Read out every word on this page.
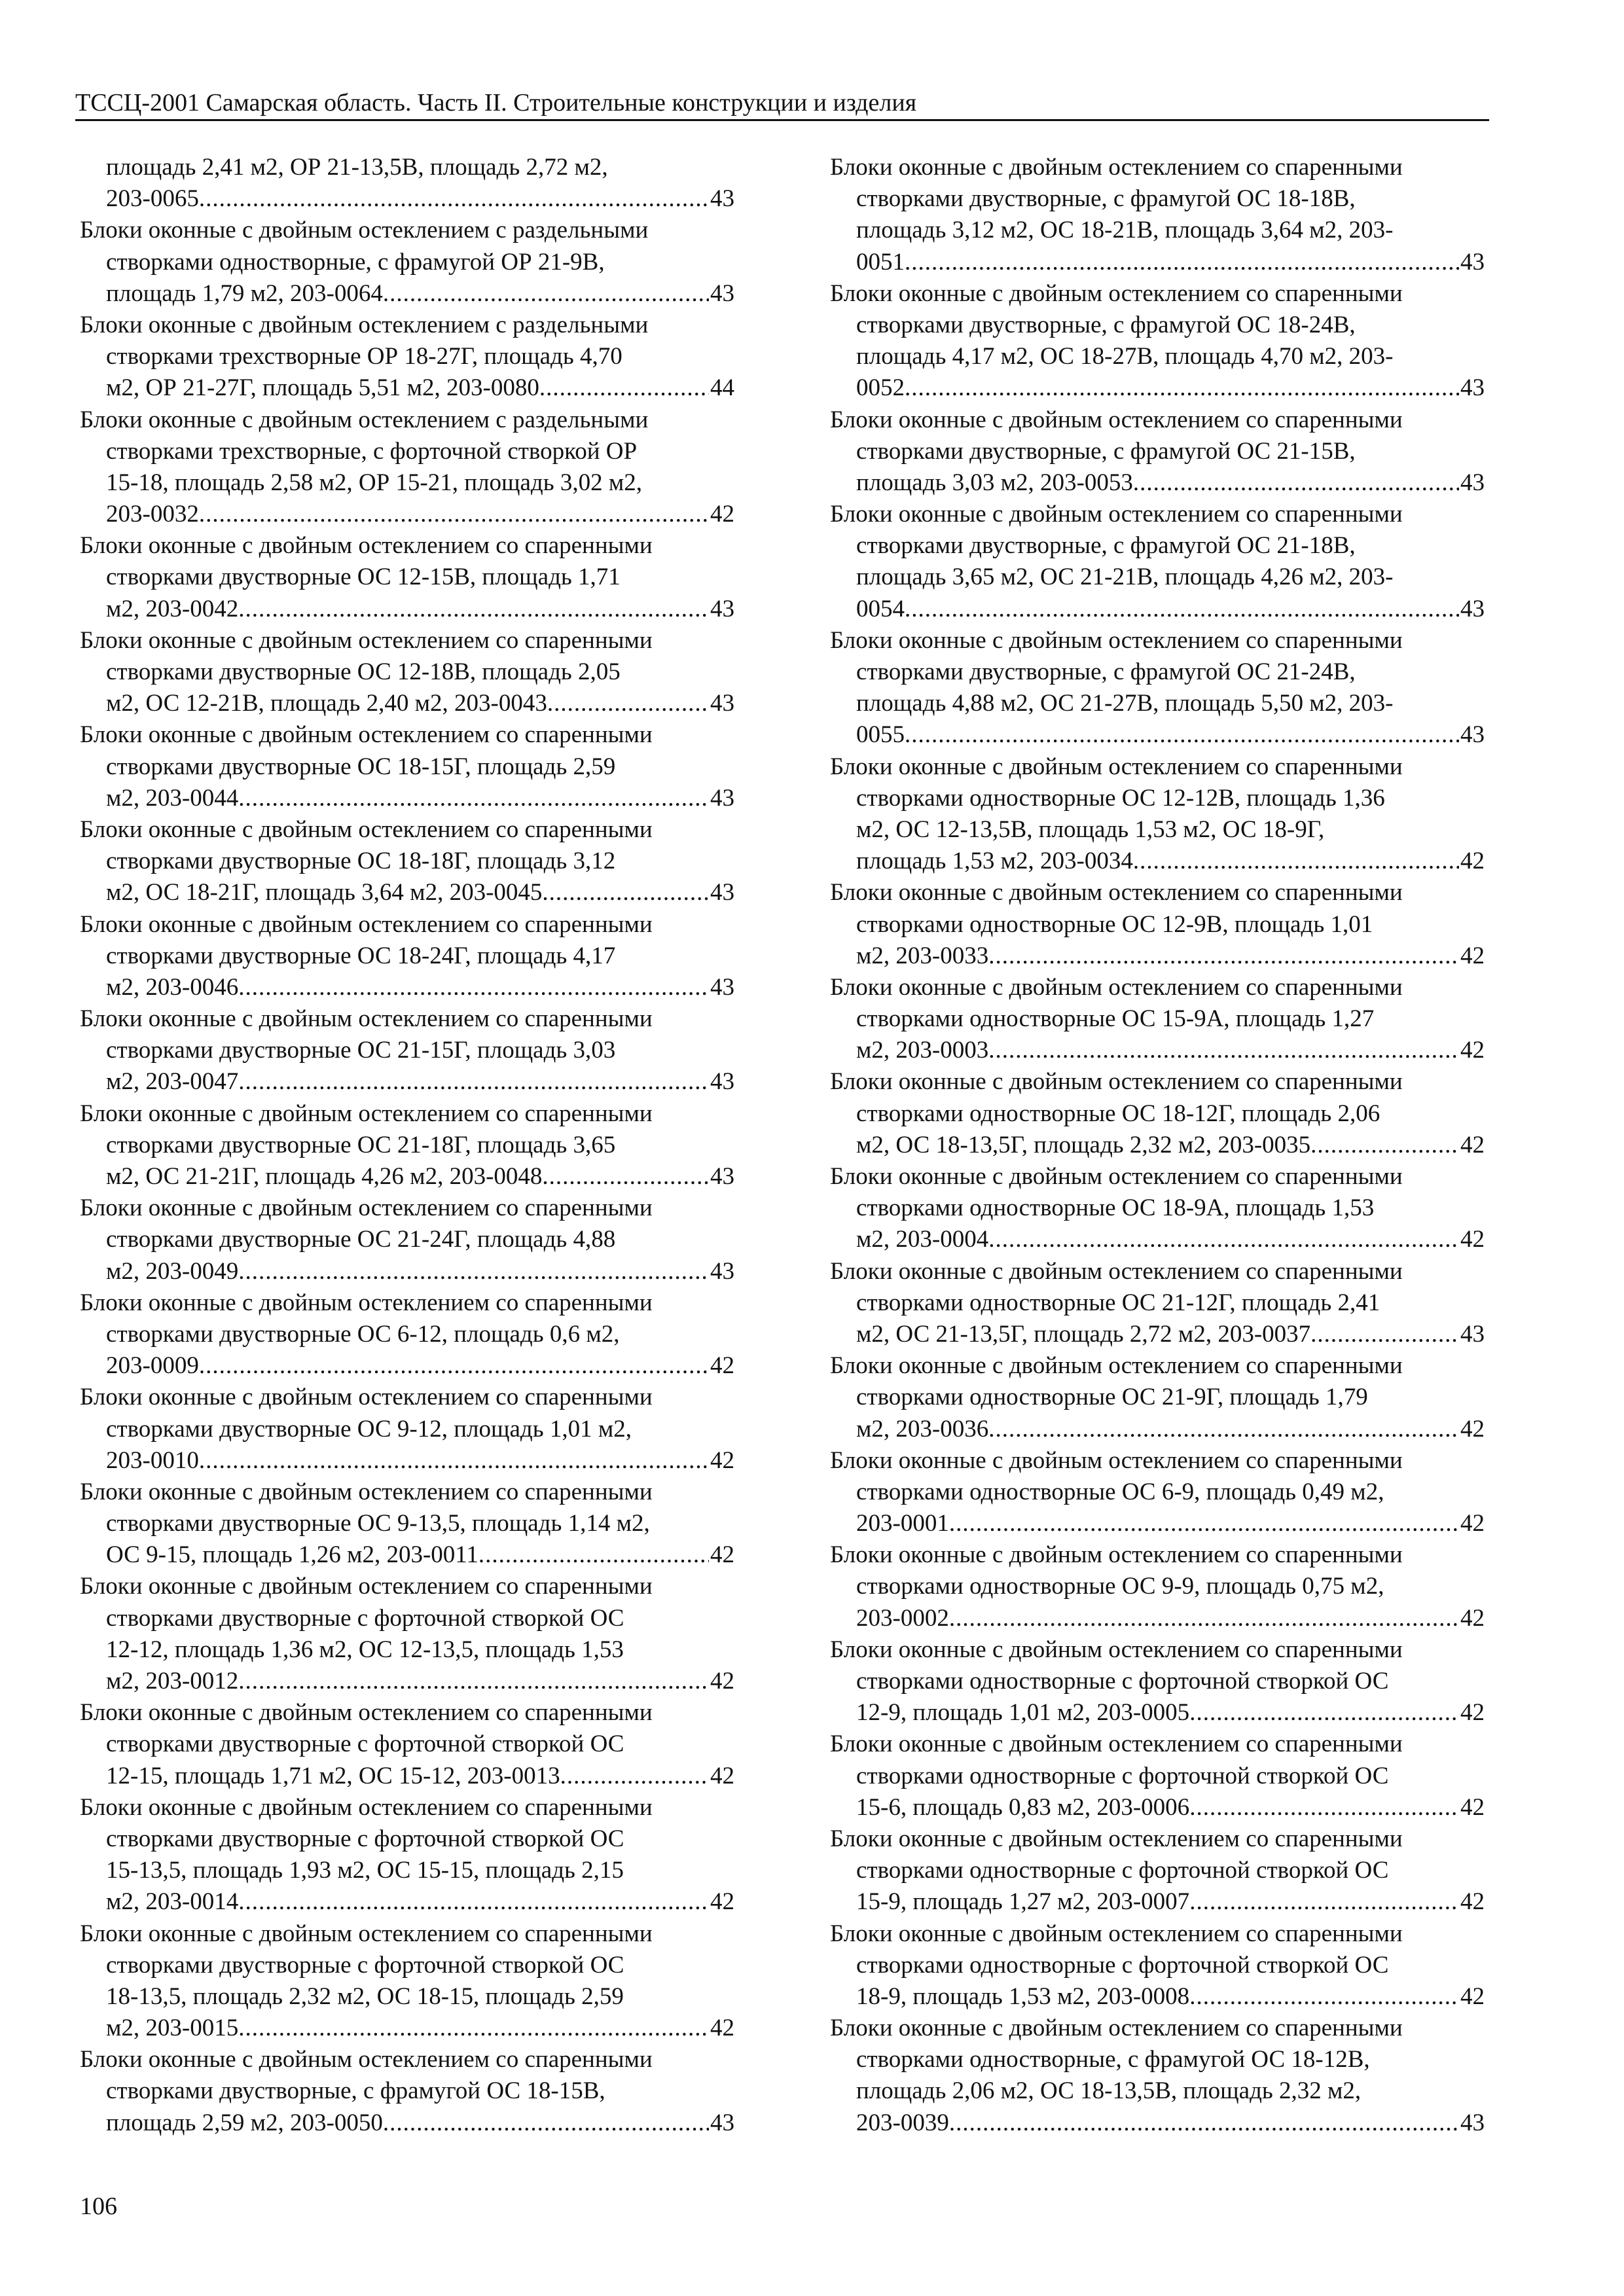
ТССЦ-2001 Самарская область. Часть II. Строительные конструкции и изделия
площадь 2,41 м2, ОР 21-13,5В, площадь 2,72 м2,
203-0065 .....	43
Блоки оконные с двойным остеклением с раздельными
створками одностворные, с фрамугой ОР 21-9В,
площадь 1,79 м2, 203-0064 .....	43
Блоки оконные с двойным остеклением с раздельными
створками трехстворные ОР 18-27Г, площадь 4,70
м2, ОР 21-27Г, площадь 5,51 м2, 203-0080 .....	44
Блоки оконные с двойным остеклением с раздельными
створками трехстворные, с форточной створкой ОР
15-18, площадь 2,58 м2, ОР 15-21, площадь 3,02 м2,
203-0032 .....	42
Блоки оконные с двойным остеклением со спаренными
створками двустворные ОС 12-15В, площадь 1,71
м2, 203-0042 .....	43
Блоки оконные с двойным остеклением со спаренными
створками двустворные ОС 12-18В, площадь 2,05
м2, ОС 12-21В, площадь 2,40 м2, 203-0043 .....	43
Блоки оконные с двойным остеклением со спаренными
створками двустворные ОС 18-15Г, площадь 2,59
м2, 203-0044 .....	43
Блоки оконные с двойным остеклением со спаренными
створками двустворные ОС 18-18Г, площадь 3,12
м2, ОС 18-21Г, площадь 3,64 м2, 203-0045 .....	43
Блоки оконные с двойным остеклением со спаренными
створками двустворные ОС 18-24Г, площадь 4,17
м2, 203-0046 .....	43
Блоки оконные с двойным остеклением со спаренными
створками двустворные ОС 21-15Г, площадь 3,03
м2, 203-0047 .....	43
Блоки оконные с двойным остеклением со спаренными
створками двустворные ОС 21-18Г, площадь 3,65
м2, ОС 21-21Г, площадь 4,26 м2, 203-0048 .....	43
Блоки оконные с двойным остеклением со спаренными
створками двустворные ОС 21-24Г, площадь 4,88
м2, 203-0049 .....	43
Блоки оконные с двойным остеклением со спаренными
створками двустворные ОС 6-12, площадь 0,6 м2,
203-0009 .....	42
Блоки оконные с двойным остеклением со спаренными
створками двустворные ОС 9-12, площадь 1,01 м2,
203-0010 .....	42
Блоки оконные с двойным остеклением со спаренными
створками двустворные ОС 9-13,5, площадь 1,14 м2,
ОС 9-15, площадь 1,26 м2, 203-0011 .....	42
Блоки оконные с двойным остеклением со спаренными
створками двустворные с форточной створкой ОС
12-12, площадь 1,36 м2, ОС 12-13,5, площадь 1,53
м2, 203-0012 .....	42
Блоки оконные с двойным остеклением со спаренными
створками двустворные с форточной створкой ОС
12-15, площадь 1,71 м2, ОС 15-12, 203-0013 .....	42
Блоки оконные с двойным остеклением со спаренными
створками двустворные с форточной створкой ОС
15-13,5, площадь 1,93 м2, ОС 15-15, площадь 2,15
м2, 203-0014 .....	42
Блоки оконные с двойным остеклением со спаренными
створками двустворные с форточной створкой ОС
18-13,5, площадь 2,32 м2, ОС 18-15, площадь 2,59
м2, 203-0015 .....	42
Блоки оконные с двойным остеклением со спаренными
створками двустворные, с фрамугой ОС 18-15В,
площадь 2,59 м2, 203-0050 .....	43
Блоки оконные с двойным остеклением со спаренными
створками двустворные, с фрамугой ОС 18-18В,
площадь 3,12 м2, ОС 18-21В, площадь 3,64 м2, 203-
0051 .....	43
Блоки оконные с двойным остеклением со спаренными
створками двустворные, с фрамугой ОС 18-24В,
площадь 4,17 м2, ОС 18-27В, площадь 4,70 м2, 203-
0052 .....	43
Блоки оконные с двойным остеклением со спаренными
створками двустворные, с фрамугой ОС 21-15В,
площадь 3,03 м2, 203-0053 .....	43
Блоки оконные с двойным остеклением со спаренными
створками двустворные, с фрамугой ОС 21-18В,
площадь 3,65 м2, ОС 21-21В, площадь 4,26 м2, 203-
0054 .....	43
Блоки оконные с двойным остеклением со спаренными
створками двустворные, с фрамугой ОС 21-24В,
площадь 4,88 м2, ОС 21-27В, площадь 5,50 м2, 203-
0055 .....	43
Блоки оконные с двойным остеклением со спаренными
створками одностворные ОС 12-12В, площадь 1,36
м2, ОС 12-13,5В, площадь 1,53 м2, ОС 18-9Г,
площадь 1,53 м2, 203-0034 .....	42
Блоки оконные с двойным остеклением со спаренными
створками одностворные ОС 12-9В, площадь 1,01
м2, 203-0033 .....	42
Блоки оконные с двойным остеклением со спаренными
створками одностворные ОС 15-9А, площадь 1,27
м2, 203-0003 .....	42
Блоки оконные с двойным остеклением со спаренными
створками одностворные ОС 18-12Г, площадь 2,06
м2, ОС 18-13,5Г, площадь 2,32 м2, 203-0035 .....	42
Блоки оконные с двойным остеклением со спаренными
створками одностворные ОС 18-9А, площадь 1,53
м2, 203-0004 .....	42
Блоки оконные с двойным остеклением со спаренными
створками одностворные ОС 21-12Г, площадь 2,41
м2, ОС 21-13,5Г, площадь 2,72 м2, 203-0037 .....	43
Блоки оконные с двойным остеклением со спаренными
створками одностворные ОС 21-9Г, площадь 1,79
м2, 203-0036 .....	42
Блоки оконные с двойным остеклением со спаренными
створками одностворные ОС 6-9, площадь 0,49 м2,
203-0001 .....	42
Блоки оконные с двойным остеклением со спаренными
створками одностворные ОС 9-9, площадь 0,75 м2,
203-0002 .....	42
Блоки оконные с двойным остеклением со спаренными
створками одностворные с форточной створкой ОС
12-9, площадь 1,01 м2, 203-0005 .....	42
Блоки оконные с двойным остеклением со спаренными
створками одностворные с форточной створкой ОС
15-6, площадь 0,83 м2, 203-0006 .....	42
Блоки оконные с двойным остеклением со спаренными
створками одностворные с форточной створкой ОС
15-9, площадь 1,27 м2, 203-0007 .....	42
Блоки оконные с двойным остеклением со спаренными
створками одностворные с форточной створкой ОС
18-9, площадь 1,53 м2, 203-0008 .....	42
Блоки оконные с двойным остеклением со спаренными
створками одностворные, с фрамугой ОС 18-12В,
площадь 2,06 м2, ОС 18-13,5В, площадь 2,32 м2,
203-0039 .....	43
106
